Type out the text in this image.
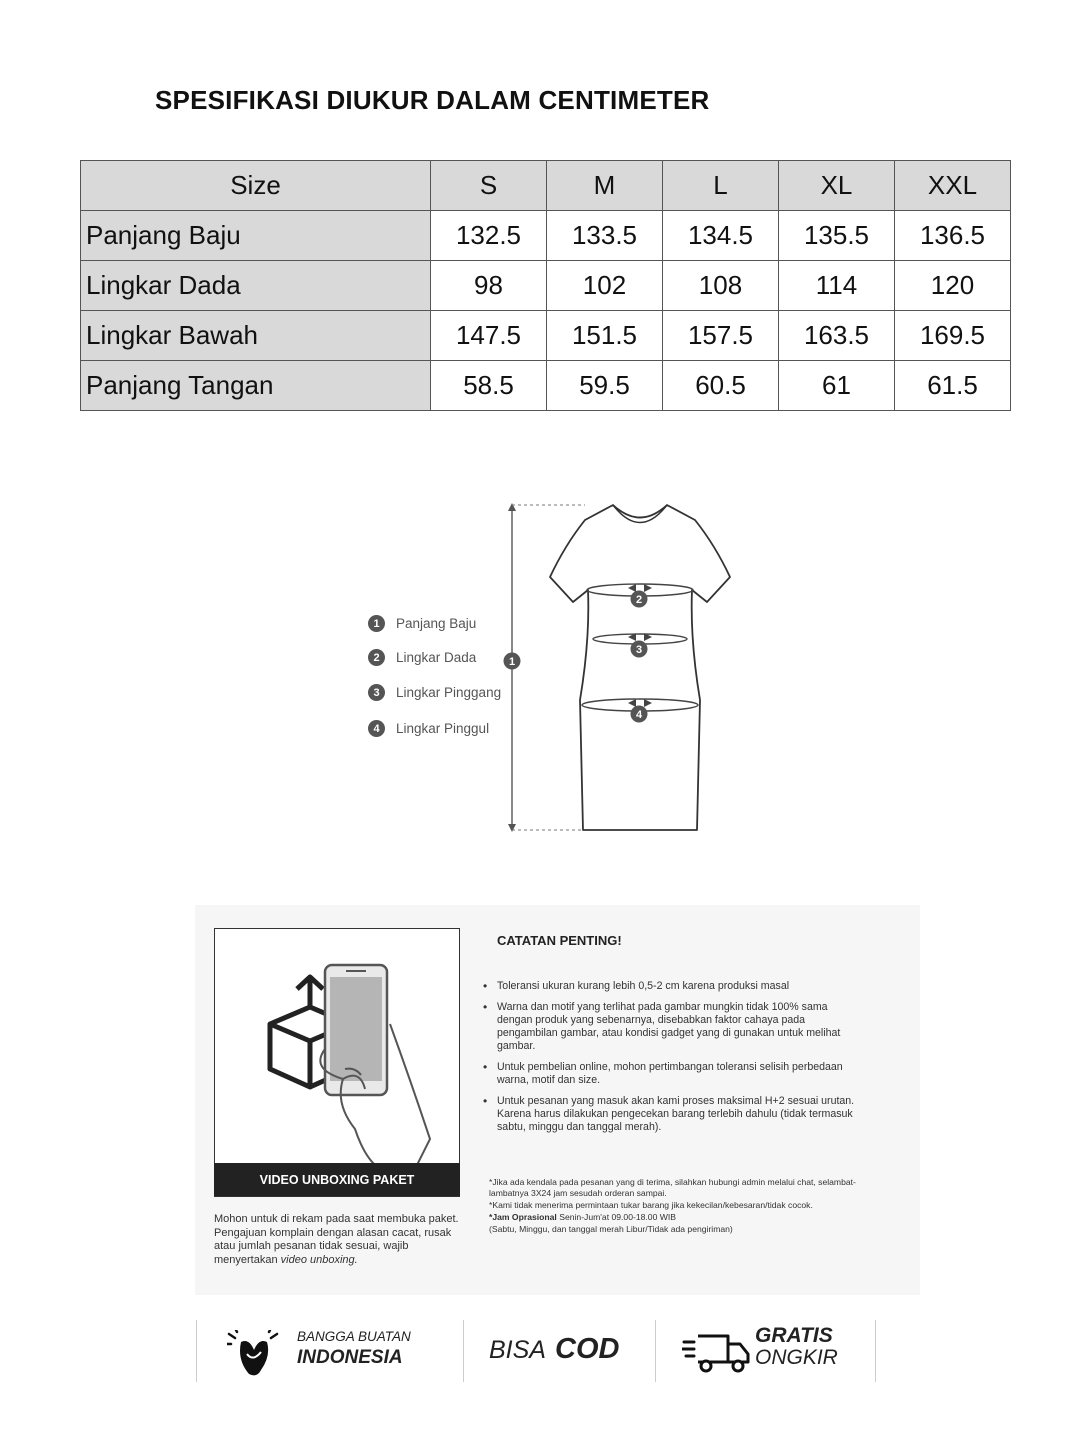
SPESIFIKASI DIUKUR DALAM CENTIMETER
Size	S	M	L	XL	XXL
Panjang Baju	132.5	133.5	134.5	135.5	136.5
Lingkar Dada	98	102	108	114	120
Lingkar Bawah	147.5	151.5	157.5	163.5	169.5
Panjang Tangan	58.5	59.5	60.5	61	61.5
1	Panjang Baju
2	Lingkar Dada
3	Lingkar Pinggang
4	Lingkar Pinggul
1
2
3
4
VIDEO UNBOXING PAKET
Mohon untuk di rekam pada saat membuka paket. Pengajuan komplain dengan alasan cacat, rusak atau jumlah pesanan tidak sesuai, wajib menyertakan video unboxing.
CATATAN PENTING!
• Toleransi ukuran kurang lebih 0,5-2 cm karena produksi masal
• Warna dan motif yang terlihat pada gambar mungkin tidak 100% sama dengan produk yang sebenarnya, disebabkan faktor cahaya pada pengambilan gambar, atau kondisi gadget yang di gunakan untuk melihat gambar.
• Untuk pembelian online, mohon pertimbangan toleransi selisih perbedaan warna, motif dan size.
• Untuk pesanan yang masuk akan kami proses maksimal H+2 sesuai urutan. Karena harus dilakukan pengecekan barang terlebih dahulu (tidak termasuk sabtu, minggu dan tanggal merah).
*Jika ada kendala pada pesanan yang di terima, silahkan hubungi admin melalui chat, selambat-lambatnya 3X24 jam sesudah orderan sampai.
*Kami tidak menerima permintaan tukar barang jika kekecilan/kebesaran/tidak cocok.
*Jam Oprasional Senin-Jum'at 09.00-18.00 WIB
(Sabtu, Minggu, dan tanggal merah Libur/Tidak ada pengiriman)
BANGGA BUATAN
INDONESIA	BISA COD	GRATIS
ONGKIR
